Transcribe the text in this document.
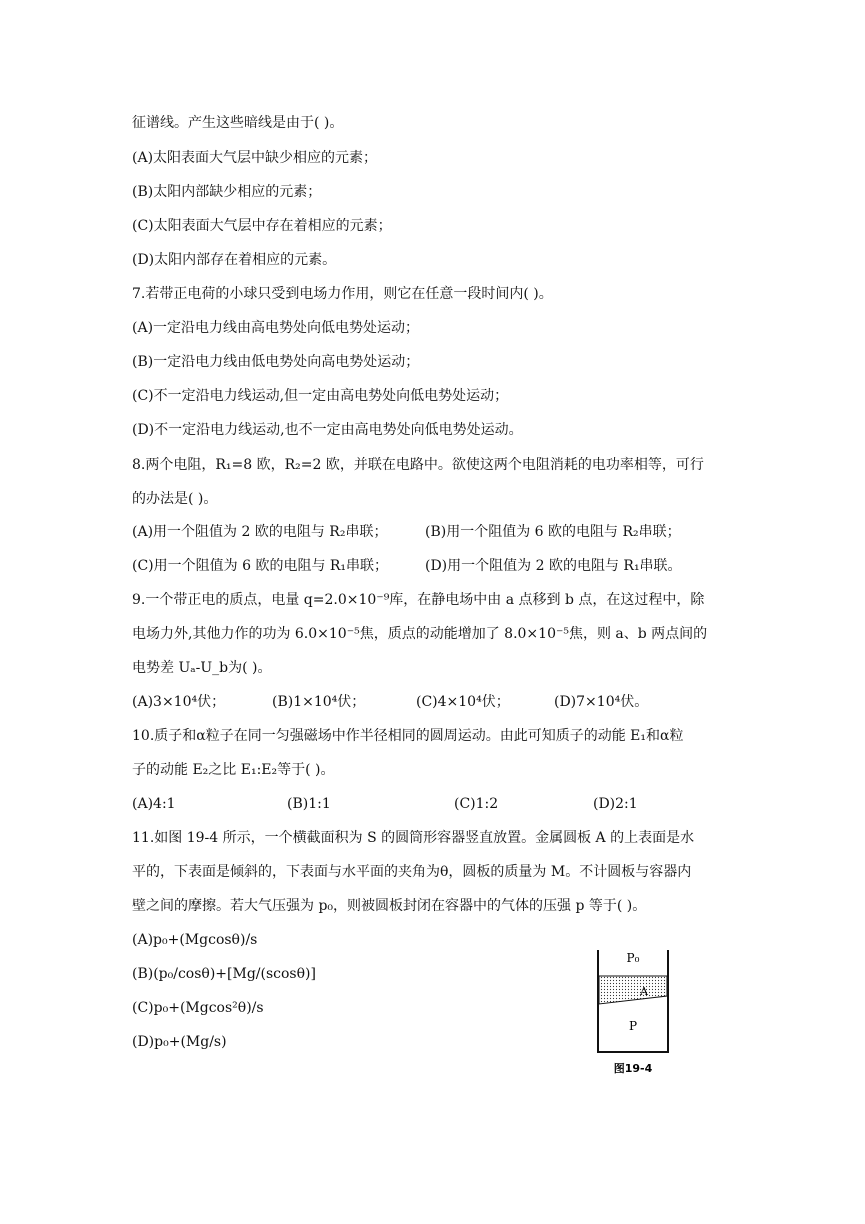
征谱线。产生这些暗线是由于( )。
(A)太阳表面大气层中缺少相应的元素；
(B)太阳内部缺少相应的元素；
(C)太阳表面大气层中存在着相应的元素；
(D)太阳内部存在着相应的元素。
7.若带正电荷的小球只受到电场力作用，则它在任意一段时间内( )。
(A)一定沿电力线由高电势处向低电势处运动；
(B)一定沿电力线由低电势处向高电势处运动；
(C)不一定沿电力线运动,但一定由高电势处向低电势处运动；
(D)不一定沿电力线运动,也不一定由高电势处向低电势处运动。
8.两个电阻，R₁=8 欧，R₂=2 欧，并联在电路中。欲使这两个电阻消耗的电功率相等，可行
的办法是( )。
(A)用一个阻值为 2 欧的电阻与 R₂串联；	(B)用一个阻值为 6 欧的电阻与 R₂串联；
(C)用一个阻值为 6 欧的电阻与 R₁串联；	(D)用一个阻值为 2 欧的电阻与 R₁串联。
9.一个带正电的质点，电量 q=2.0×10⁻⁹库，在静电场中由 a 点移到 b 点，在这过程中，除
电场力外,其他力作的功为 6.0×10⁻⁵焦，质点的动能增加了 8.0×10⁻⁵焦，则 a、b 两点间的
电势差 Uₐ-U_b为( )。
(A)3×10⁴伏；	(B)1×10⁴伏；	(C)4×10⁴伏；	(D)7×10⁴伏。
10.质子和α粒子在同一匀强磁场中作半径相同的圆周运动。由此可知质子的动能 E₁和α粒
子的动能 E₂之比 E₁:E₂等于( )。
(A)4:1	(B)1:1	(C)1:2	(D)2:1
11.如图 19-4 所示，一个横截面积为 S 的圆筒形容器竖直放置。金属圆板 A 的上表面是水
平的，下表面是倾斜的，下表面与水平面的夹角为θ，圆板的质量为 M。不计圆板与容器内
壁之间的摩擦。若大气压强为 p₀，则被圆板封闭在容器中的气体的压强 p 等于( )。
(A)p₀+(Mgcosθ)/s
(B)(p₀/cosθ)+[Mg/(scosθ)]
(C)p₀+(Mgcos²θ)/s
(D)p₀+(Mg/s)
P₀
A
P
图19-4
